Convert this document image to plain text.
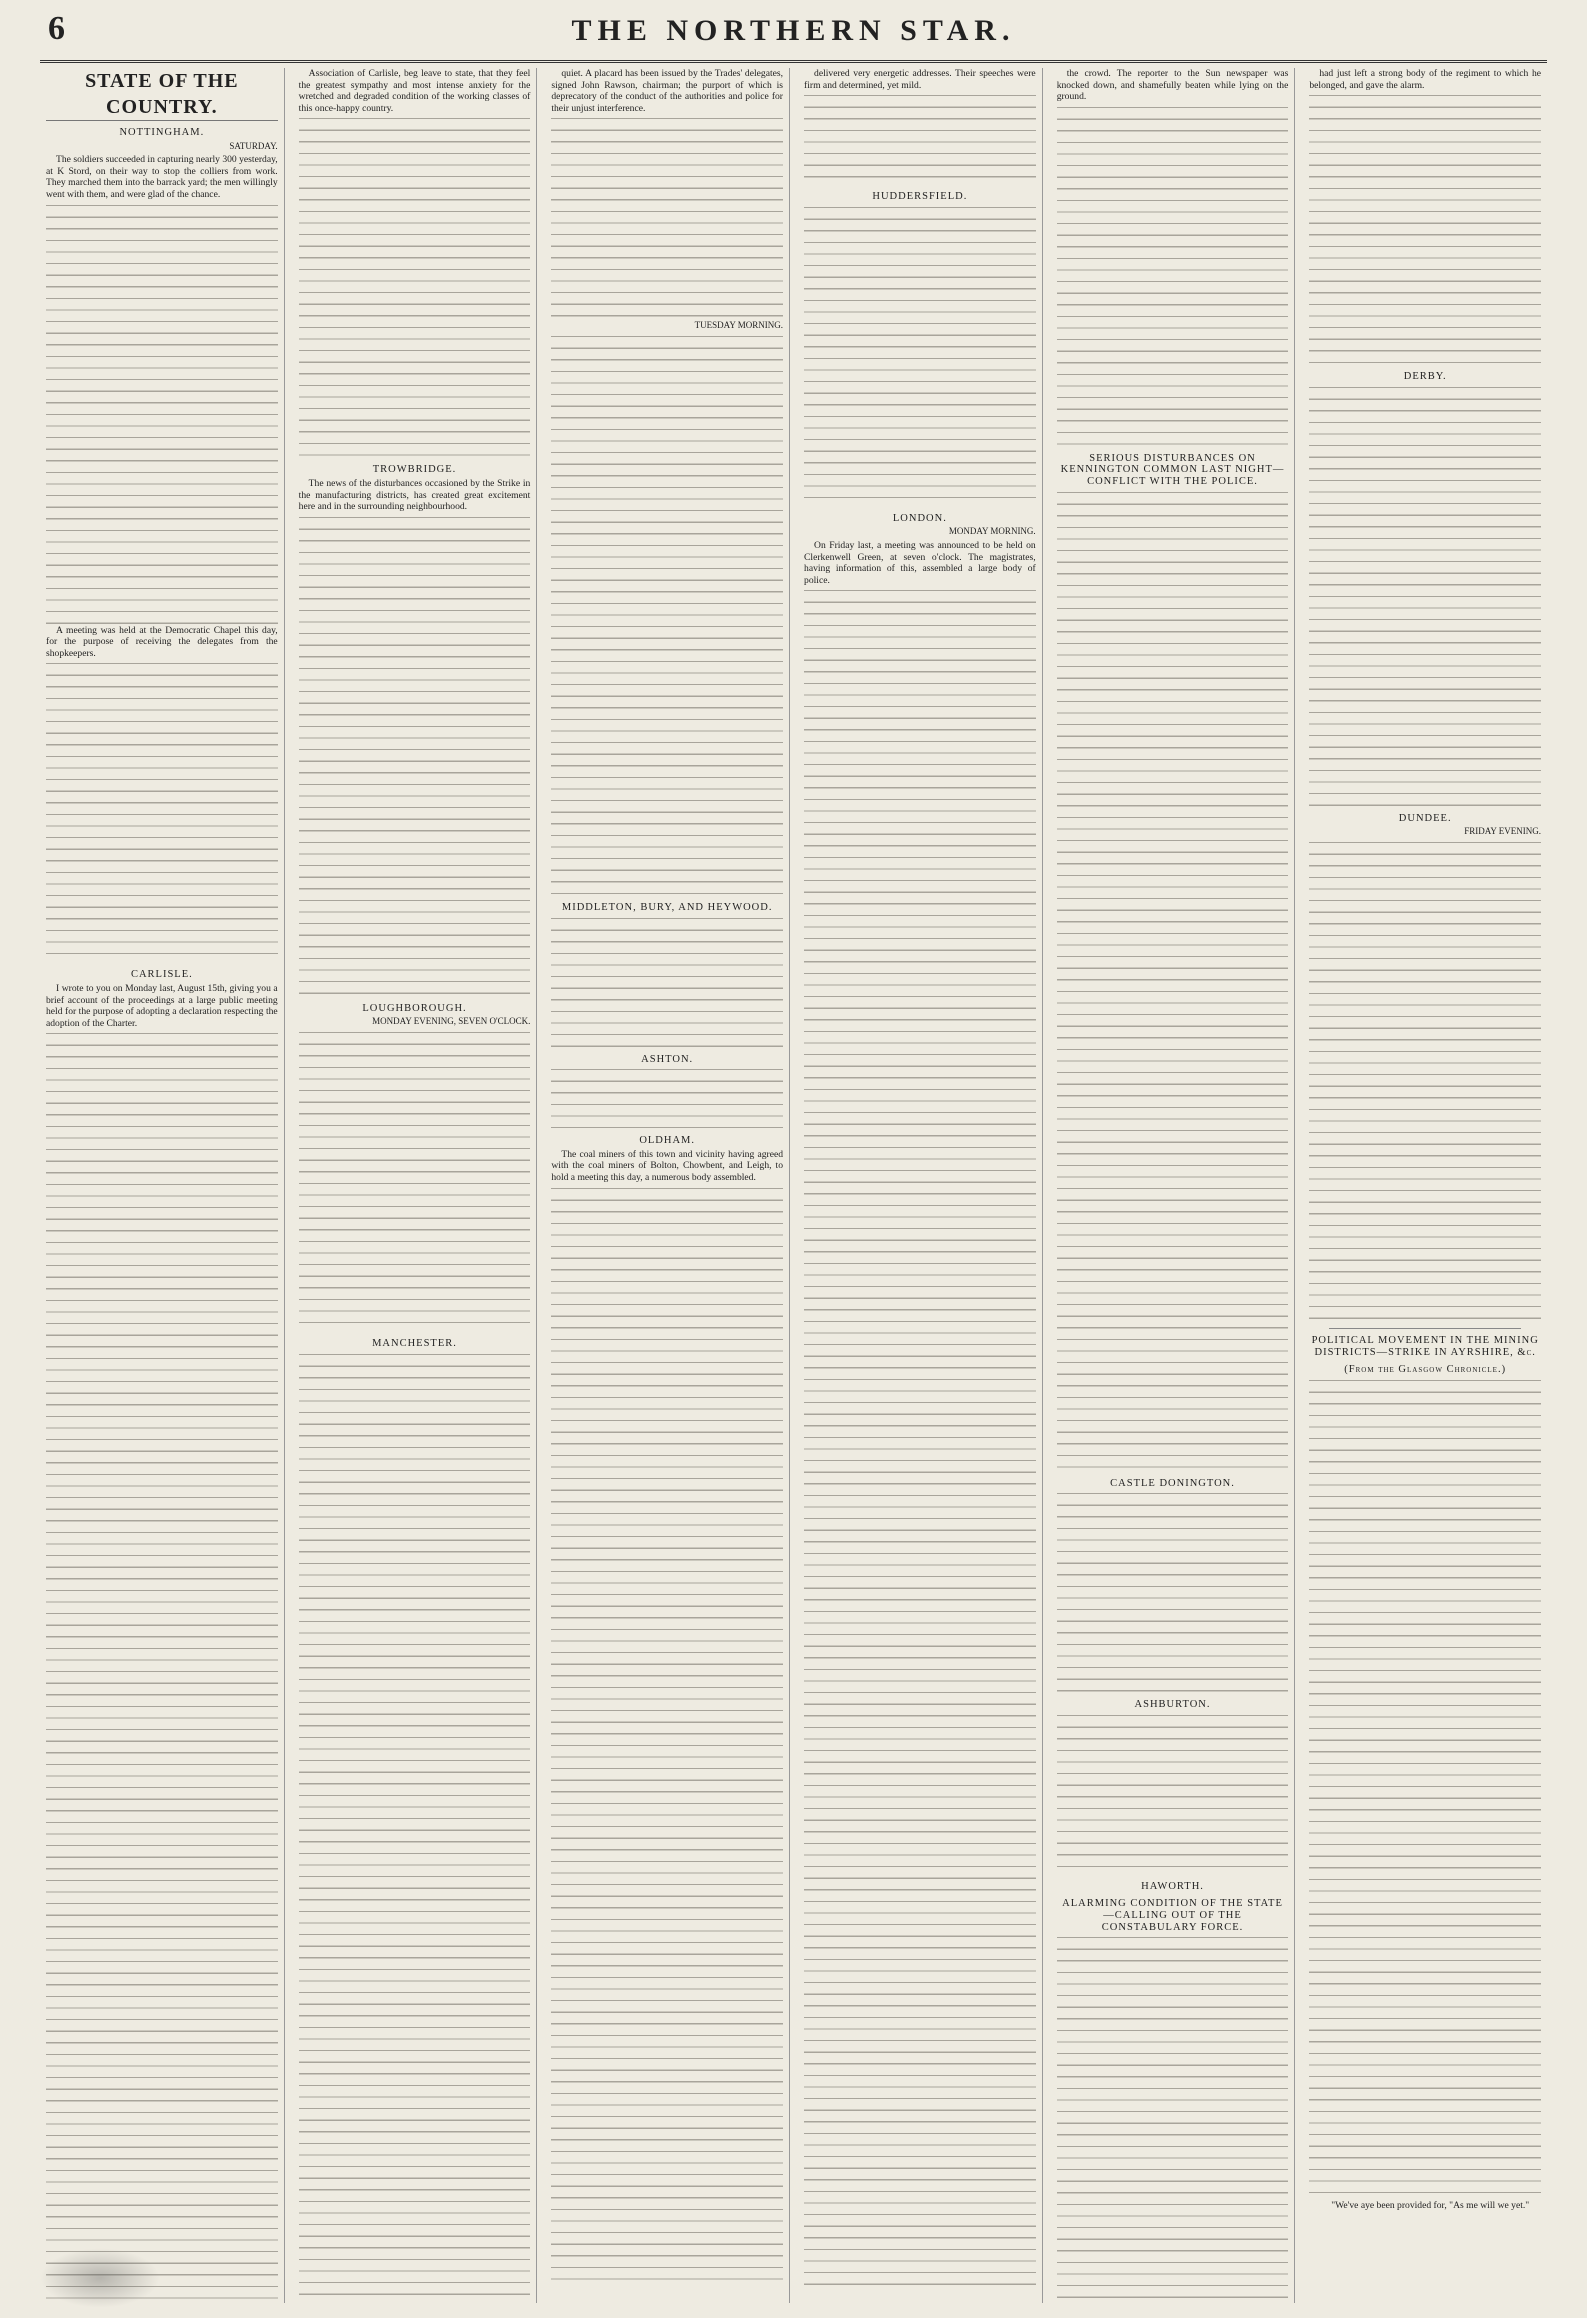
6	THE NORTHERN STAR.
STATE OF THE COUNTRY.
NOTTINGHAM.
SATURDAY.

The soldiers succeeded in capturing nearly 300 yesterday, at K Stord, on their way to stop the colliers from work. They marched them into the barrack yard; the men willingly went with them, and were glad of the chance.

A meeting was held at the Democratic Chapel this day, for the purpose of receiving the delegates from the shopkeepers.

CARLISLE.

I wrote to you on Monday last, August 15th, giving you a brief account of the proceedings at a large public meeting held for the purpose of adopting a declaration respecting the adoption of the Charter.

Association of Carlisle, beg leave to state, that they feel the greatest sympathy and most intense anxiety for the wretched and degraded condition of the working classes of this once-happy country.

TROWBRIDGE.

The news of the disturbances occasioned by the Strike in the manufacturing districts, has created great excitement here and in the surrounding neighbourhood.

LOUGHBOROUGH.
MONDAY EVENING, SEVEN O'CLOCK.
MANCHESTER.

quiet. A placard has been issued by the Trades' delegates, signed John Rawson, chairman; the purport of which is deprecatory of the conduct of the authorities and police for their unjust interference.

TUESDAY MORNING.
MIDDLETON, BURY, AND HEYWOOD.
ASHTON.
OLDHAM.

The coal miners of this town and vicinity having agreed with the coal miners of Bolton, Chowbent, and Leigh, to hold a meeting this day, a numerous body assembled.

delivered very energetic addresses. Their speeches were firm and determined, yet mild.

HUDDERSFIELD.
LONDON.
MONDAY MORNING.

On Friday last, a meeting was announced to be held on Clerkenwell Green, at seven o'clock. The magistrates, having information of this, assembled a large body of police.

the crowd. The reporter to the Sun newspaper was knocked down, and shamefully beaten while lying on the ground.

SERIOUS DISTURBANCES ON KENNINGTON COMMON LAST NIGHT—CONFLICT WITH THE POLICE.
CASTLE DONINGTON.
ASHBURTON.
HAWORTH.
ALARMING CONDITION OF THE STATE—CALLING OUT OF THE CONSTABULARY FORCE.

had just left a strong body of the regiment to which he belonged, and gave the alarm.

DERBY.
DUNDEE.
FRIDAY EVENING.
POLITICAL MOVEMENT IN THE MINING DISTRICTS—STRIKE IN AYRSHIRE, &c.
(From the Glasgow Chronicle.)

"We've aye been provided for, "As me will we yet."
